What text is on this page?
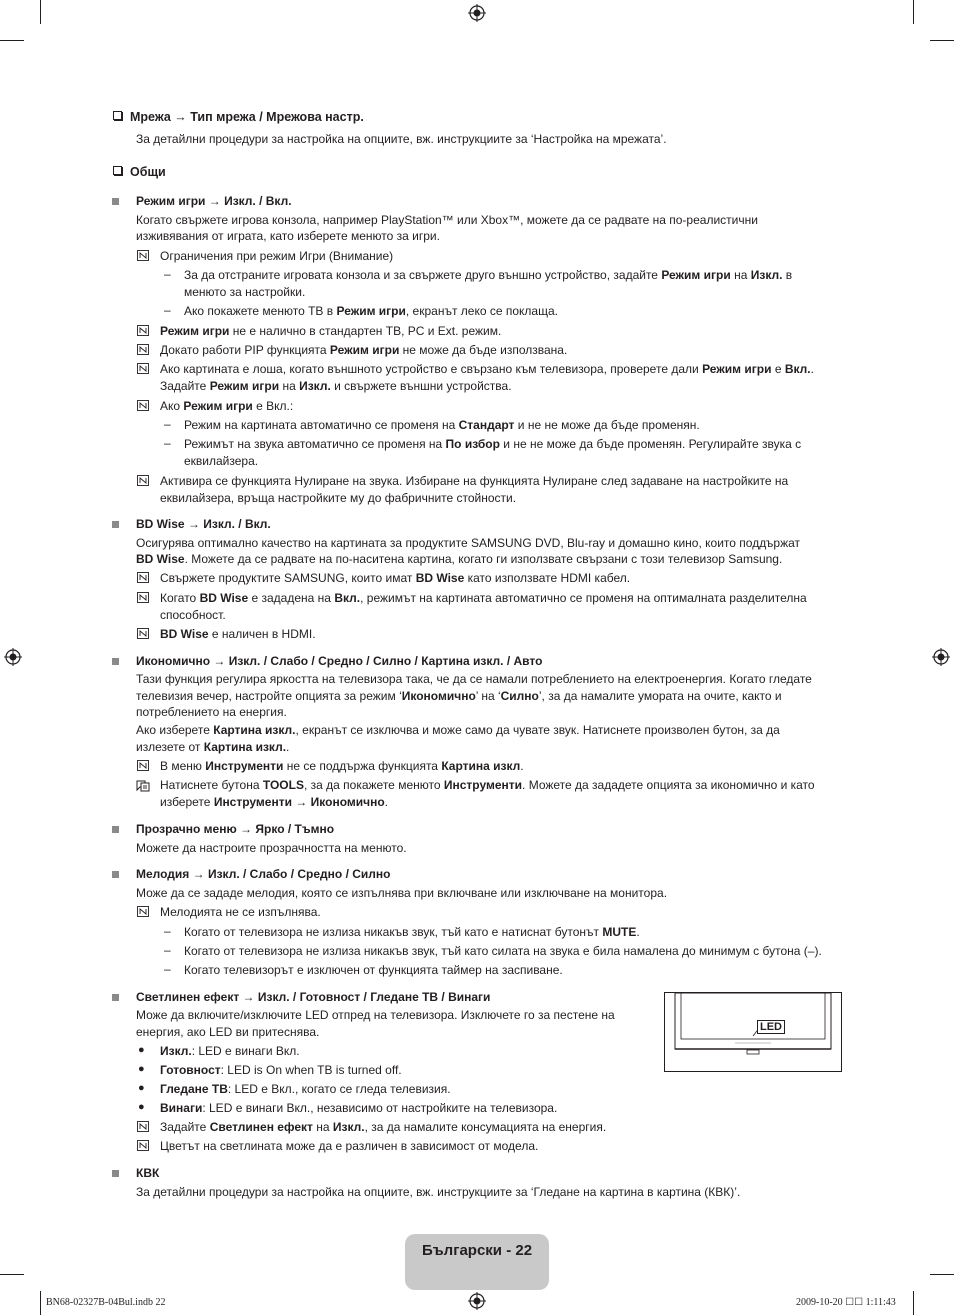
Мрежа → Тип мрежа / Мрежова настр.
За детайлни процедури за настройка на опциите, вж. инструкциите за ‘Настройка на мрежата’.
Общи
Режим игри → Изкл. / Вкл.
Когато свържете игрова конзола, например PlayStation™ или Xbox™, можете да се радвате на по-реалистични
изживявания от играта, като изберете менюто за игри.
Ограничения при режим Игри (Внимание)
– За да отстраните игровата конзола и за свържете друго външно устройство, задайте Режим игри на Изкл. в
менюто за настройки.
– Ако покажете менюто ТВ в Режим игри, екранът леко се поклаща.
Режим игри не е налично в стандартен ТВ, PC и Ext. режим.
Докато работи PIP функцията Режим игри не може да бъде използвана.
Ако картината е лоша, когато външното устройство е свързано към телевизора, проверете дали Режим игри е Вкл..
Задайте Режим игри на Изкл. и свържете външни устройства.
Ако Режим игри е Вкл.:
– Режим на картината автоматично се променя на Стандарт и не не може да бъде променян.
– Режимът на звука автоматично се променя на По избор и не не може да бъде променян. Регулирайте звука с
еквилайзера.
Активира се функцията Нулиране на звука. Избиране на функцията Нулиране след задаване на настройките на
еквилайзера, връща настройките му до фабричните стойности.
BD Wise → Изкл. / Вкл.
Осигурява оптимално качество на картината за продуктите SAMSUNG DVD, Blu-ray и домашно кино, които поддържат
BD Wise. Можете да се радвате на по-наситена картина, когато ги използвате свързани с този телевизор Samsung.
Свържете продуктите SAMSUNG, които имат BD Wise като използвате HDMI кабел.
Когато BD Wise е зададена на Вкл., режимът на картината автоматично се променя на оптималната разделителна
способност.
BD Wise е наличен в HDMI.
Икономично → Изкл. / Слабо / Средно / Силно / Картина изкл. / Авто
Тази функция регулира яркостта на телевизора така, че да се намали потреблението на електроенергия. Когато гледате
телевизия вечер, настройте опцията за режим ‘Икономично’ на ‘Силно’, за да намалите умората на очите, както и
потреблението на енергия.
Ако изберете Картина изкл., екранът се изключва и може само да чувате звук. Натиснете произволен бутон, за да
излезете от Картина изкл..
В меню Инструменти не се поддържа функцията Картина изкл.
Натиснете бутона TOOLS, за да покажете менюто Инструменти. Можете да зададете опцията за икономично и като
изберете Инструменти → Икономично.
Прозрачно меню → Ярко / Тъмно
Можете да настроите прозрачността на менюто.
Мелодия → Изкл. / Слабо / Средно / Силно
Може да се зададе мелодия, която се изпълнява при включване или изключване на монитора.
Мелодията не се изпълнява.
– Когато от телевизора не излиза никакъв звук, тъй като е натиснат бутонът MUTE.
– Когато от телевизора не излиза никакъв звук, тъй като силата на звука е била намалена до минимум с бутона (–).
– Когато телевизорът е изключен от функцията таймер на заспиване.
Светлинен ефект → Изкл. / Готовност / Гледане ТВ / Винаги
Може да включите/изключите LED отпред на телевизора. Изключете го за пестене на
енергия, ако LED ви притеснява.
● Изкл.: LED е винаги Вкл.
● Готовност: LED is On when TB is turned off.
● Гледане ТВ: LED е Вкл., когато се гледа телевизия.
● Винаги: LED е винаги Вкл., независимо от настройките на телевизора.
Задайте Светлинен ефект на Изкл., за да намалите консумацията на енергия.
Цветът на светлината може да е различен в зависимост от модела.
LED
КВК
За детайлни процедури за настройка на опциите, вж. инструкциите за ‘Гледане на картина в картина (КВК)’.
Български - 22
BN68-02327B-04Bul.indb 22	2009-10-20 ☐☐ 1:11:43
